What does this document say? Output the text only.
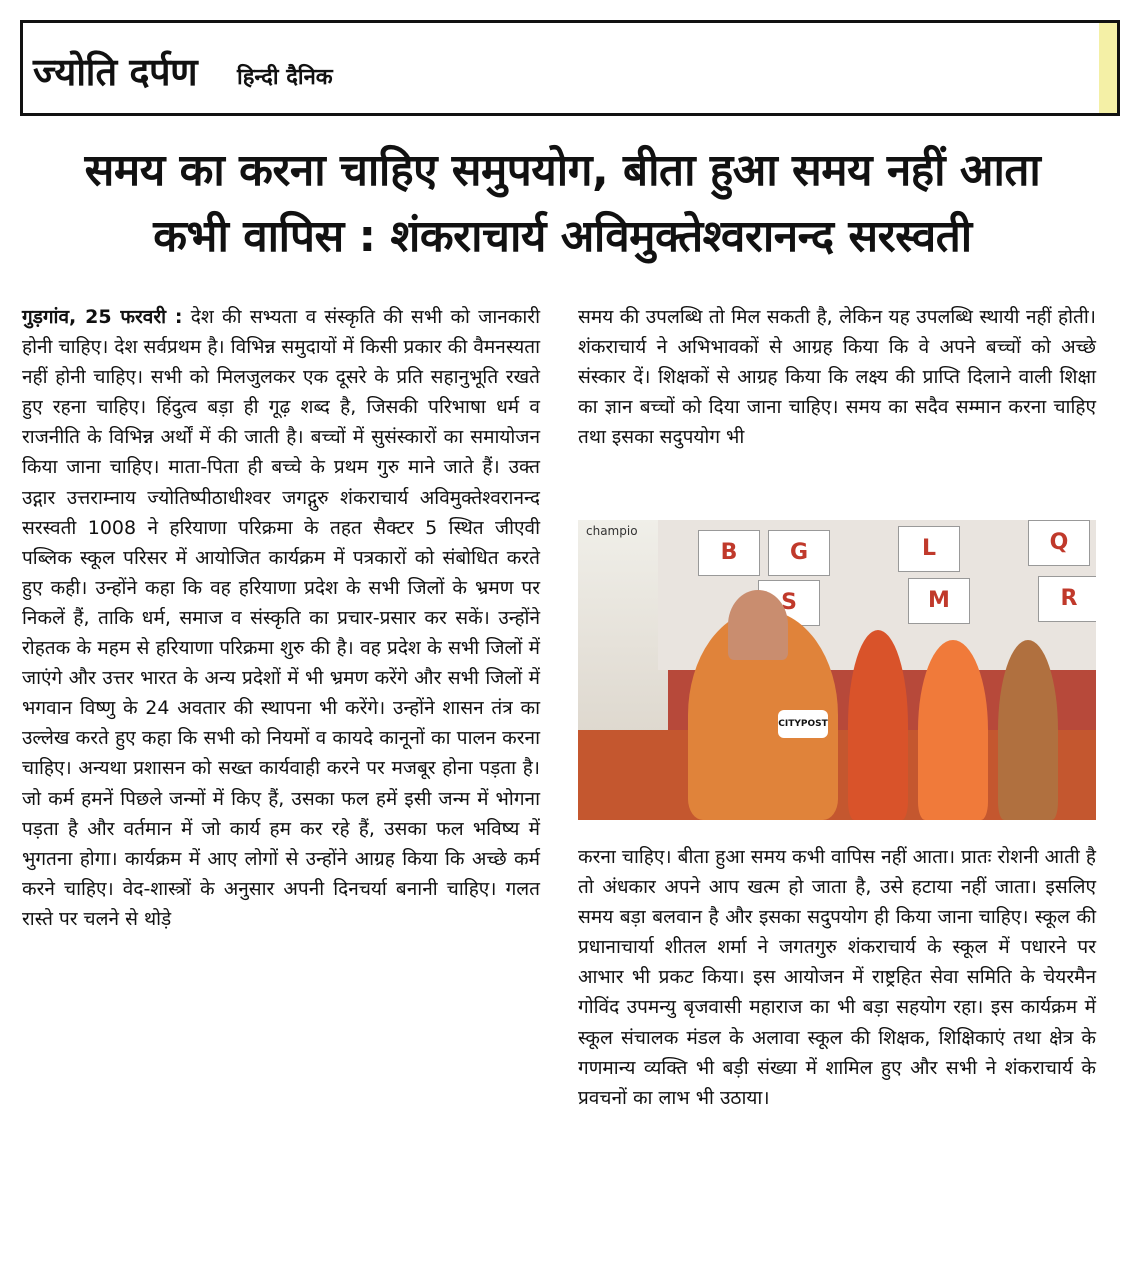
ज्योति दर्पण हिन्दी दैनिक
समय का करना चाहिए समुपयोग, बीता हुआ समय नहीं आता
कभी वापिस : शंकराचार्य अविमुक्तेश्वरानन्द सरस्वती
गुड़गांव, 25 फरवरी : देश की सभ्यता व संस्कृति की सभी को जानकारी होनी चाहिए। देश सर्वप्रथम है। विभिन्न समुदायों में किसी प्रकार की वैमनस्यता नहीं होनी चाहिए। सभी को मिलजुलकर एक दूसरे के प्रति सहानुभूति रखते हुए रहना चाहिए। हिंदुत्व बड़ा ही गूढ़ शब्द है, जिसकी परिभाषा धर्म व राजनीति के विभिन्न अर्थों में की जाती है। बच्चों में सुसंस्कारों का समायोजन किया जाना चाहिए। माता-पिता ही बच्चे के प्रथम गुरु माने जाते हैं। उक्त उद्गार उत्तराम्नाय ज्योतिष्पीठाधीश्वर जगद्गुरु शंकराचार्य अविमुक्तेश्वरानन्द सरस्वती 1008 ने हरियाणा परिक्रमा के तहत सैक्टर 5 स्थित जीएवी पब्लिक स्कूल परिसर में आयोजित कार्यक्रम में पत्रकारों को संबोधित करते हुए कही। उन्होंने कहा कि वह हरियाणा प्रदेश के सभी जिलों के भ्रमण पर निकलें हैं, ताकि धर्म, समाज व संस्कृति का प्रचार-प्रसार कर सकें। उन्होंने रोहतक के महम से हरियाणा परिक्रमा शुरु की है। वह प्रदेश के सभी जिलों में जाएंगे और उत्तर भारत के अन्य प्रदेशों में भी भ्रमण करेंगे और सभी जिलों में भगवान विष्णु के 24 अवतार की स्थापना भी करेंगे। उन्होंने शासन तंत्र का उल्लेख करते हुए कहा कि सभी को नियमों व कायदे कानूनों का पालन करना चाहिए। अन्यथा प्रशासन को सख्त कार्यवाही करने पर मजबूर होना पड़ता है। जो कर्म हमनें पिछले जन्मों में किए हैं, उसका फल हमें इसी जन्म में भोगना पड़ता है और वर्तमान में जो कार्य हम कर रहे हैं, उसका फल भविष्य में भुगतना होगा। कार्यक्रम में आए लोगों से उन्होंने आग्रह किया कि अच्छे कर्म करने चाहिए। वेद-शास्त्रों के अनुसार अपनी दिनचर्या बनानी चाहिए। गलत रास्ते पर चलने से थोड़े
समय की उपलब्धि तो मिल सकती है, लेकिन यह उपलब्धि स्थायी नहीं होती। शंकराचार्य ने अभिभावकों से आग्रह किया कि वे अपने बच्चों को अच्छे संस्कार दें। शिक्षकों से आग्रह किया कि लक्ष्य की प्राप्ति दिलाने वाली शिक्षा का ज्ञान बच्चों को दिया जाना चाहिए। समय का सदैव सम्मान करना चाहिए तथा इसका सदुपयोग भी
champio
B	G	L	Q
S	M	R
CITYPOST
करना चाहिए। बीता हुआ समय कभी वापिस नहीं आता। प्रातः रोशनी आती है तो अंधकार अपने आप खत्म हो जाता है, उसे हटाया नहीं जाता। इसलिए समय बड़ा बलवान है और इसका सदुपयोग ही किया जाना चाहिए। स्कूल की प्रधानाचार्या शीतल शर्मा ने जगतगुरु शंकराचार्य के स्कूल में पधारने पर आभार भी प्रकट किया। इस आयोजन में राष्ट्रहित सेवा समिति के चेयरमैन गोविंद उपमन्यु बृजवासी महाराज का भी बड़ा सहयोग रहा। इस कार्यक्रम में स्कूल संचालक मंडल के अलावा स्कूल की शिक्षक, शिक्षिकाएं तथा क्षेत्र के गणमान्य व्यक्ति भी बड़ी संख्या में शामिल हुए और सभी ने शंकराचार्य के प्रवचनों का लाभ भी उठाया।
